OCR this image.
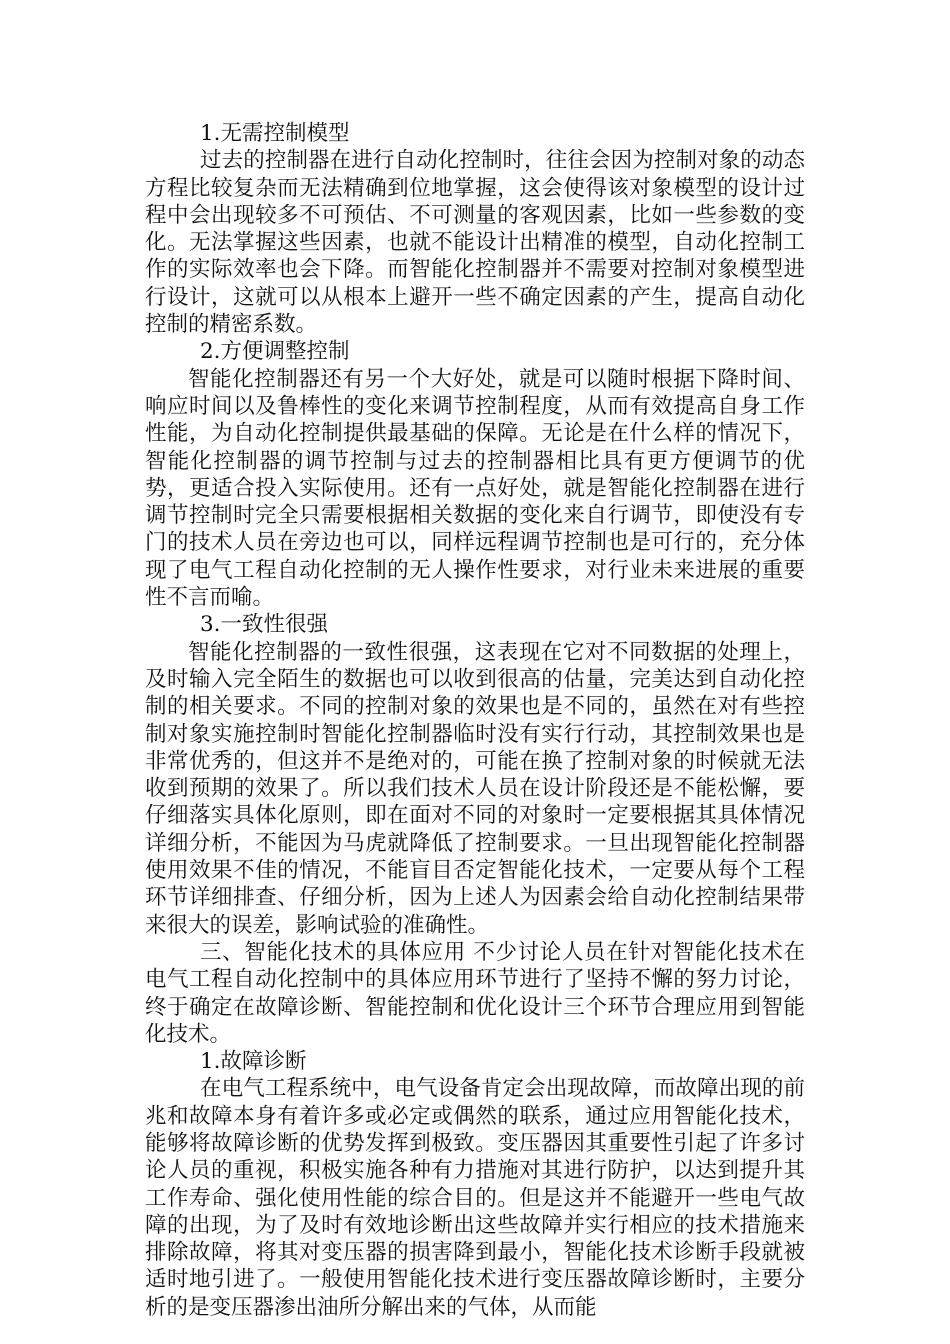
1.无需控制模型

过去的控制器在进行自动化控制时，往往会因为控制对象的动态方程比较复杂而无法精确到位地掌握，这会使得该对象模型的设计过程中会出现较多不可预估、不可测量的客观因素，比如一些参数的变化。无法掌握这些因素，也就不能设计出精准的模型，自动化控制工作的实际效率也会下降。而智能化控制器并不需要对控制对象模型进行设计，这就可以从根本上避开一些不确定因素的产生，提高自动化控制的精密系数。

2.方便调整控制

智能化控制器还有另一个大好处，就是可以随时根据下降时间、响应时间以及鲁棒性的变化来调节控制程度，从而有效提高自身工作性能，为自动化控制提供最基础的保障。无论是在什么样的情况下，智能化控制器的调节控制与过去的控制器相比具有更方便调节的优势，更适合投入实际使用。还有一点好处，就是智能化控制器在进行调节控制时完全只需要根据相关数据的变化来自行调节，即使没有专门的技术人员在旁边也可以，同样远程调节控制也是可行的，充分体现了电气工程自动化控制的无人操作性要求，对行业未来进展的重要性不言而喻。

3.一致性很强

智能化控制器的一致性很强，这表现在它对不同数据的处理上，及时输入完全陌生的数据也可以收到很高的估量，完美达到自动化控制的相关要求。不同的控制对象的效果也是不同的，虽然在对有些控制对象实施控制时智能化控制器临时没有实行行动，其控制效果也是非常优秀的，但这并不是绝对的，可能在换了控制对象的时候就无法收到预期的效果了。所以我们技术人员在设计阶段还是不能松懈，要仔细落实具体化原则，即在面对不同的对象时一定要根据其具体情况详细分析，不能因为马虎就降低了控制要求。一旦出现智能化控制器使用效果不佳的情况，不能盲目否定智能化技术，一定要从每个工程环节详细排查、仔细分析，因为上述人为因素会给自动化控制结果带来很大的误差，影响试验的准确性。

三、智能化技术的具体应用 不少讨论人员在针对智能化技术在电气工程自动化控制中的具体应用环节进行了坚持不懈的努力讨论，终于确定在故障诊断、智能控制和优化设计三个环节合理应用到智能化技术。

1.故障诊断

在电气工程系统中，电气设备肯定会出现故障，而故障出现的前兆和故障本身有着许多或必定或偶然的联系，通过应用智能化技术，能够将故障诊断的优势发挥到极致。变压器因其重要性引起了许多讨论人员的重视，积极实施各种有力措施对其进行防护，以达到提升其工作寿命、强化使用性能的综合目的。但是这并不能避开一些电气故障的出现，为了及时有效地诊断出这些故障并实行相应的技术措施来排除故障，将其对变压器的损害降到最小，智能化技术诊断手段就被适时地引进了。一般使用智能化技术进行变压器故障诊断时，主要分析的是变压器渗出油所分解出来的气体，从而能
